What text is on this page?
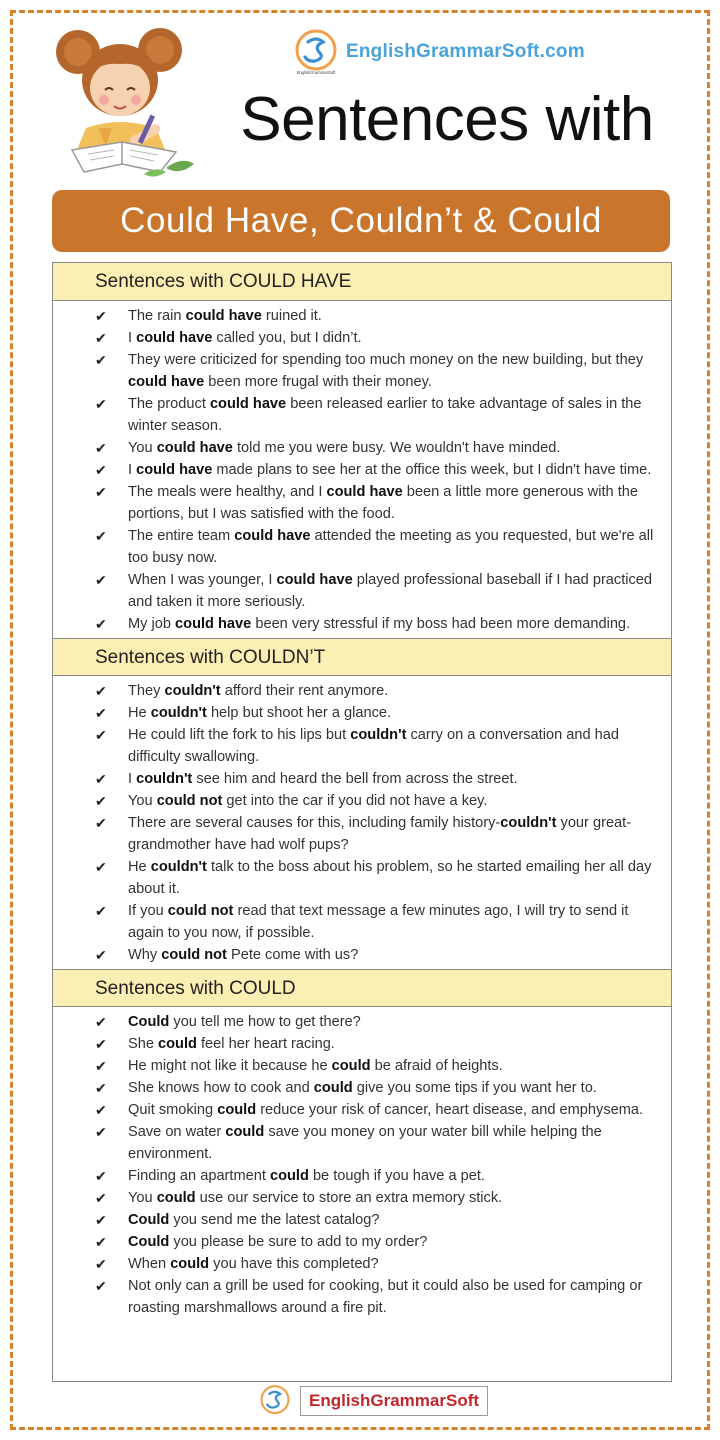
EnglishGrammarSoft
EnglishGrammarSoft.com
Sentences with
Could Have, Couldn’t & Could
Sentences with COULD HAVE
✔ The rain could have ruined it.
✔ I could have called you, but I didn’t.
✔ They were criticized for spending too much money on the new building, but they could have been more frugal with their money.
✔ The product could have been released earlier to take advantage of sales in the winter season.
✔ You could have told me you were busy. We wouldn't have minded.
✔ I could have made plans to see her at the office this week, but I didn't have time.
✔ The meals were healthy, and I could have been a little more generous with the portions, but I was satisfied with the food.
✔ The entire team could have attended the meeting as you requested, but we're all too busy now.
✔ When I was younger, I could have played professional baseball if I had practiced and taken it more seriously.
✔ My job could have been very stressful if my boss had been more demanding.
Sentences with COULDN’T
✔ They couldn't afford their rent anymore.
✔ He couldn't help but shoot her a glance.
✔ He could lift the fork to his lips but couldn't carry on a conversation and had difficulty swallowing.
✔ I couldn't see him and heard the bell from across the street.
✔ You could not get into the car if you did not have a key.
✔ There are several causes for this, including family history-couldn't your great-grandmother have had wolf pups?
✔ He couldn't talk to the boss about his problem, so he started emailing her all day about it.
✔ If you could not read that text message a few minutes ago, I will try to send it again to you now, if possible.
✔ Why could not Pete come with us?
Sentences with COULD
✔ Could you tell me how to get there?
✔ She could feel her heart racing.
✔ He might not like it because he could be afraid of heights.
✔ She knows how to cook and could give you some tips if you want her to.
✔ Quit smoking could reduce your risk of cancer, heart disease, and emphysema.
✔ Save on water could save you money on your water bill while helping the environment.
✔ Finding an apartment could be tough if you have a pet.
✔ You could use our service to store an extra memory stick.
✔ Could you send me the latest catalog?
✔ Could you please be sure to add to my order?
✔ When could you have this completed?
✔ Not only can a grill be used for cooking, but it could also be used for camping or roasting marshmallows around a fire pit.
EnglishGrammarSoft
